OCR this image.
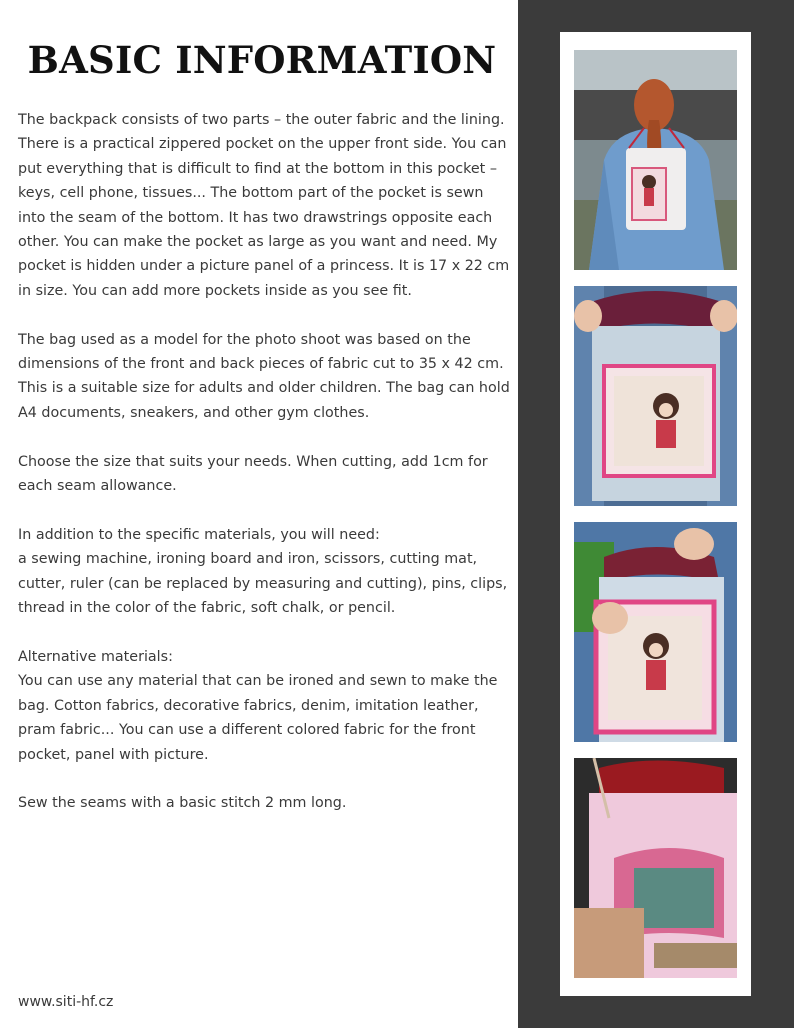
BASIC INFORMATION

The backpack consists of two parts – the outer fabric and the lining. There is a practical zippered pocket on the upper front side. You can put everything that is difficult to find at the bottom in this pocket – keys, cell phone, tissues... The bottom part of the pocket is sewn into the seam of the bottom. It has two drawstrings opposite each other. You can make the pocket as large as you want and need. My pocket is hidden under a picture panel of a princess. It is 17 x 22 cm in size. You can add more pockets inside as you see fit.

The bag used as a model for the photo shoot was based on the dimensions of the front and back pieces of fabric cut to 35 x 42 cm. This is a suitable size for adults and older children. The bag can hold A4 documents, sneakers, and other gym clothes.

Choose the size that suits your needs. When cutting, add 1cm for each seam allowance.

In addition to the specific materials, you will need:
a sewing machine, ironing board and iron, scissors, cutting mat, cutter, ruler (can be replaced by measuring and cutting), pins, clips, thread in the color of the fabric, soft chalk, or pencil.

Alternative materials:
You can use any material that can be ironed and sewn to make the bag. Cotton fabrics, decorative fabrics, denim, imitation leather, pram fabric... You can use a different colored fabric for the front pocket, panel with picture.

Sew the seams with a basic stitch 2 mm long.

www.siti-hf.cz
